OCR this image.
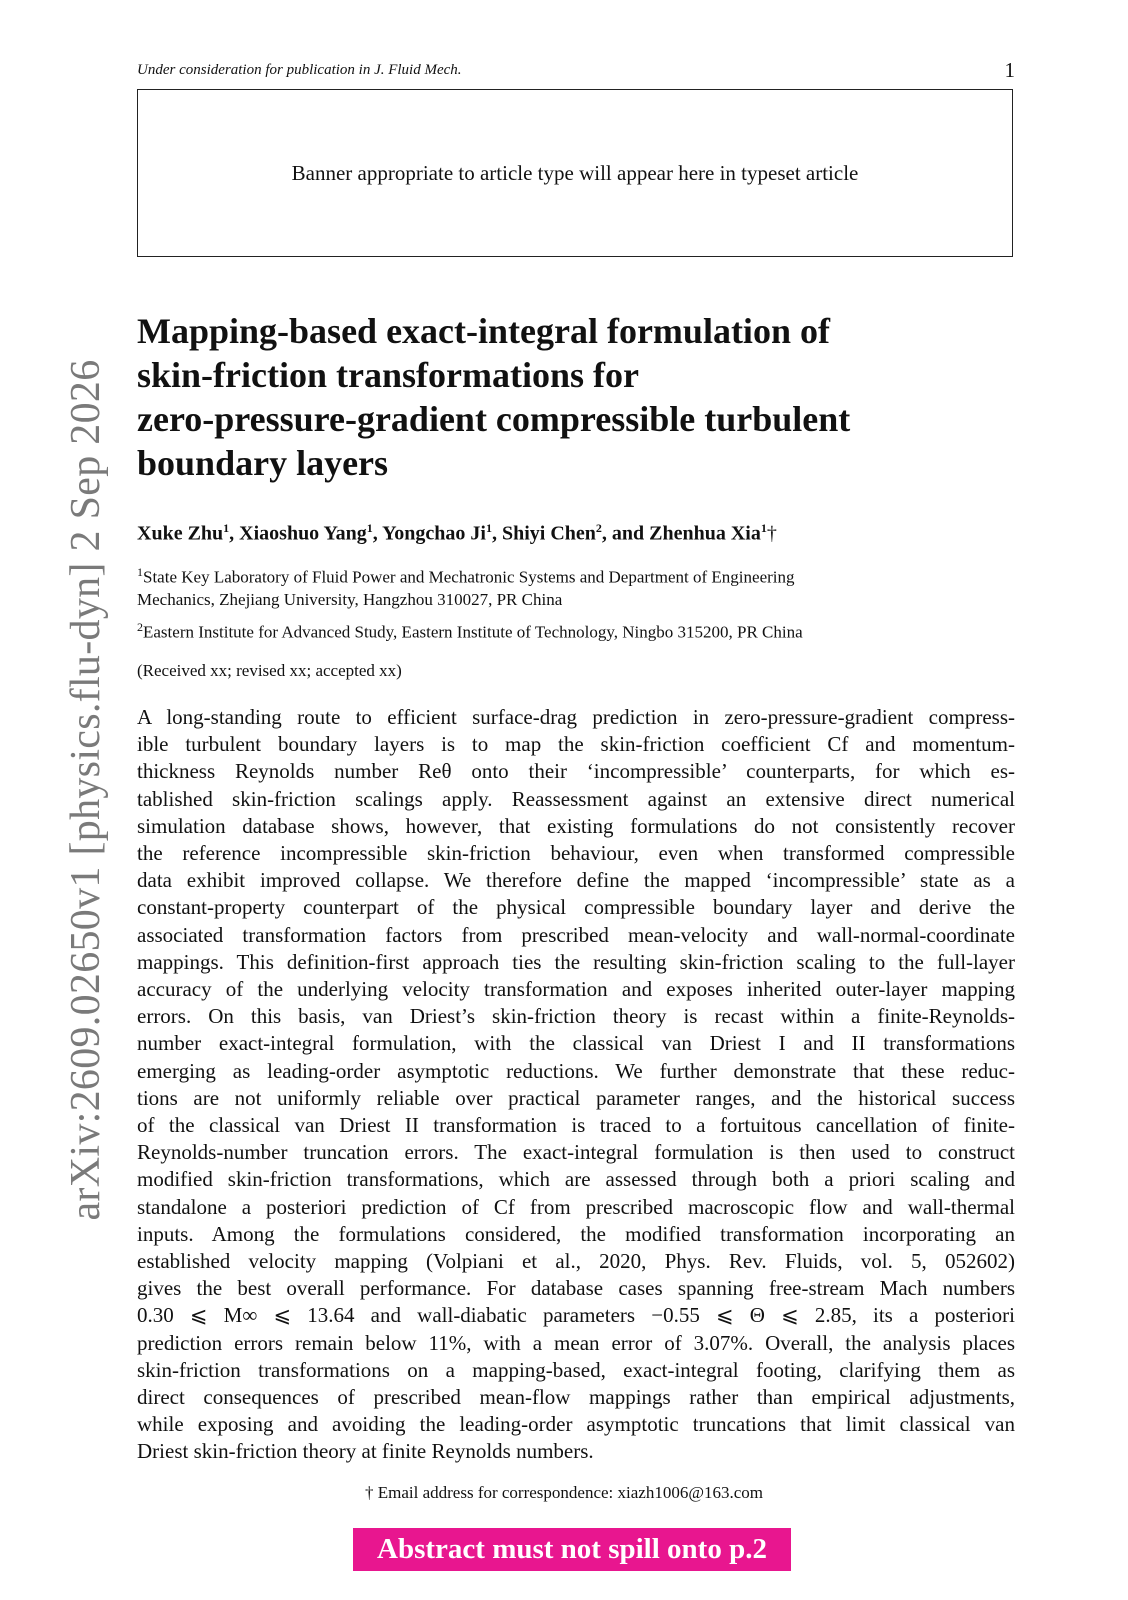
Under consideration for publication in J. Fluid Mech.	1
Banner appropriate to article type will appear here in typeset article
arXiv:2609.02650v1 [physics.flu-dyn] 2 Sep 2026
Mapping-based exact-integral formulation of
skin-friction transformations for
zero-pressure-gradient compressible turbulent
boundary layers
Xuke Zhu$^1$, Xiaoshuo Yang$^1$, Yongchao Ji$^1$, Shiyi Chen$^2$, and Zhenhua Xia$^1$†
$^1$State Key Laboratory of Fluid Power and Mechatronic Systems and Department of Engineering
Mechanics, Zhejiang University, Hangzhou 310027, PR China
$^2$Eastern Institute for Advanced Study, Eastern Institute of Technology, Ningbo 315200, PR China
(Received xx; revised xx; accepted xx)
A long-standing route to efficient surface-drag prediction in zero-pressure-gradient compress-
ible turbulent boundary layers is to map the skin-friction coefficient Cf and momentum-
thickness Reynolds number Reθ onto their ‘incompressible’ counterparts, for which es-
tablished skin-friction scalings apply. Reassessment against an extensive direct numerical
simulation database shows, however, that existing formulations do not consistently recover
the reference incompressible skin-friction behaviour, even when transformed compressible
data exhibit improved collapse. We therefore define the mapped ‘incompressible’ state as a
constant-property counterpart of the physical compressible boundary layer and derive the
associated transformation factors from prescribed mean-velocity and wall-normal-coordinate
mappings. This definition-first approach ties the resulting skin-friction scaling to the full-layer
accuracy of the underlying velocity transformation and exposes inherited outer-layer mapping
errors. On this basis, van Driest’s skin-friction theory is recast within a finite-Reynolds-
number exact-integral formulation, with the classical van Driest I and II transformations
emerging as leading-order asymptotic reductions. We further demonstrate that these reduc-
tions are not uniformly reliable over practical parameter ranges, and the historical success
of the classical van Driest II transformation is traced to a fortuitous cancellation of finite-
Reynolds-number truncation errors. The exact-integral formulation is then used to construct
modified skin-friction transformations, which are assessed through both a priori scaling and
standalone a posteriori prediction of Cf from prescribed macroscopic flow and wall-thermal
inputs. Among the formulations considered, the modified transformation incorporating an
established velocity mapping (Volpiani et al., 2020, Phys. Rev. Fluids, vol. 5, 052602)
gives the best overall performance. For database cases spanning free-stream Mach numbers
0.30 ⩽ M∞ ⩽ 13.64 and wall-diabatic parameters −0.55 ⩽ Θ ⩽ 2.85, its a posteriori
prediction errors remain below 11%, with a mean error of 3.07%. Overall, the analysis places
skin-friction transformations on a mapping-based, exact-integral footing, clarifying them as
direct consequences of prescribed mean-flow mappings rather than empirical adjustments,
while exposing and avoiding the leading-order asymptotic truncations that limit classical van
Driest skin-friction theory at finite Reynolds numbers.
† Email address for correspondence: xiazh1006@163.com
Abstract must not spill onto p.2
